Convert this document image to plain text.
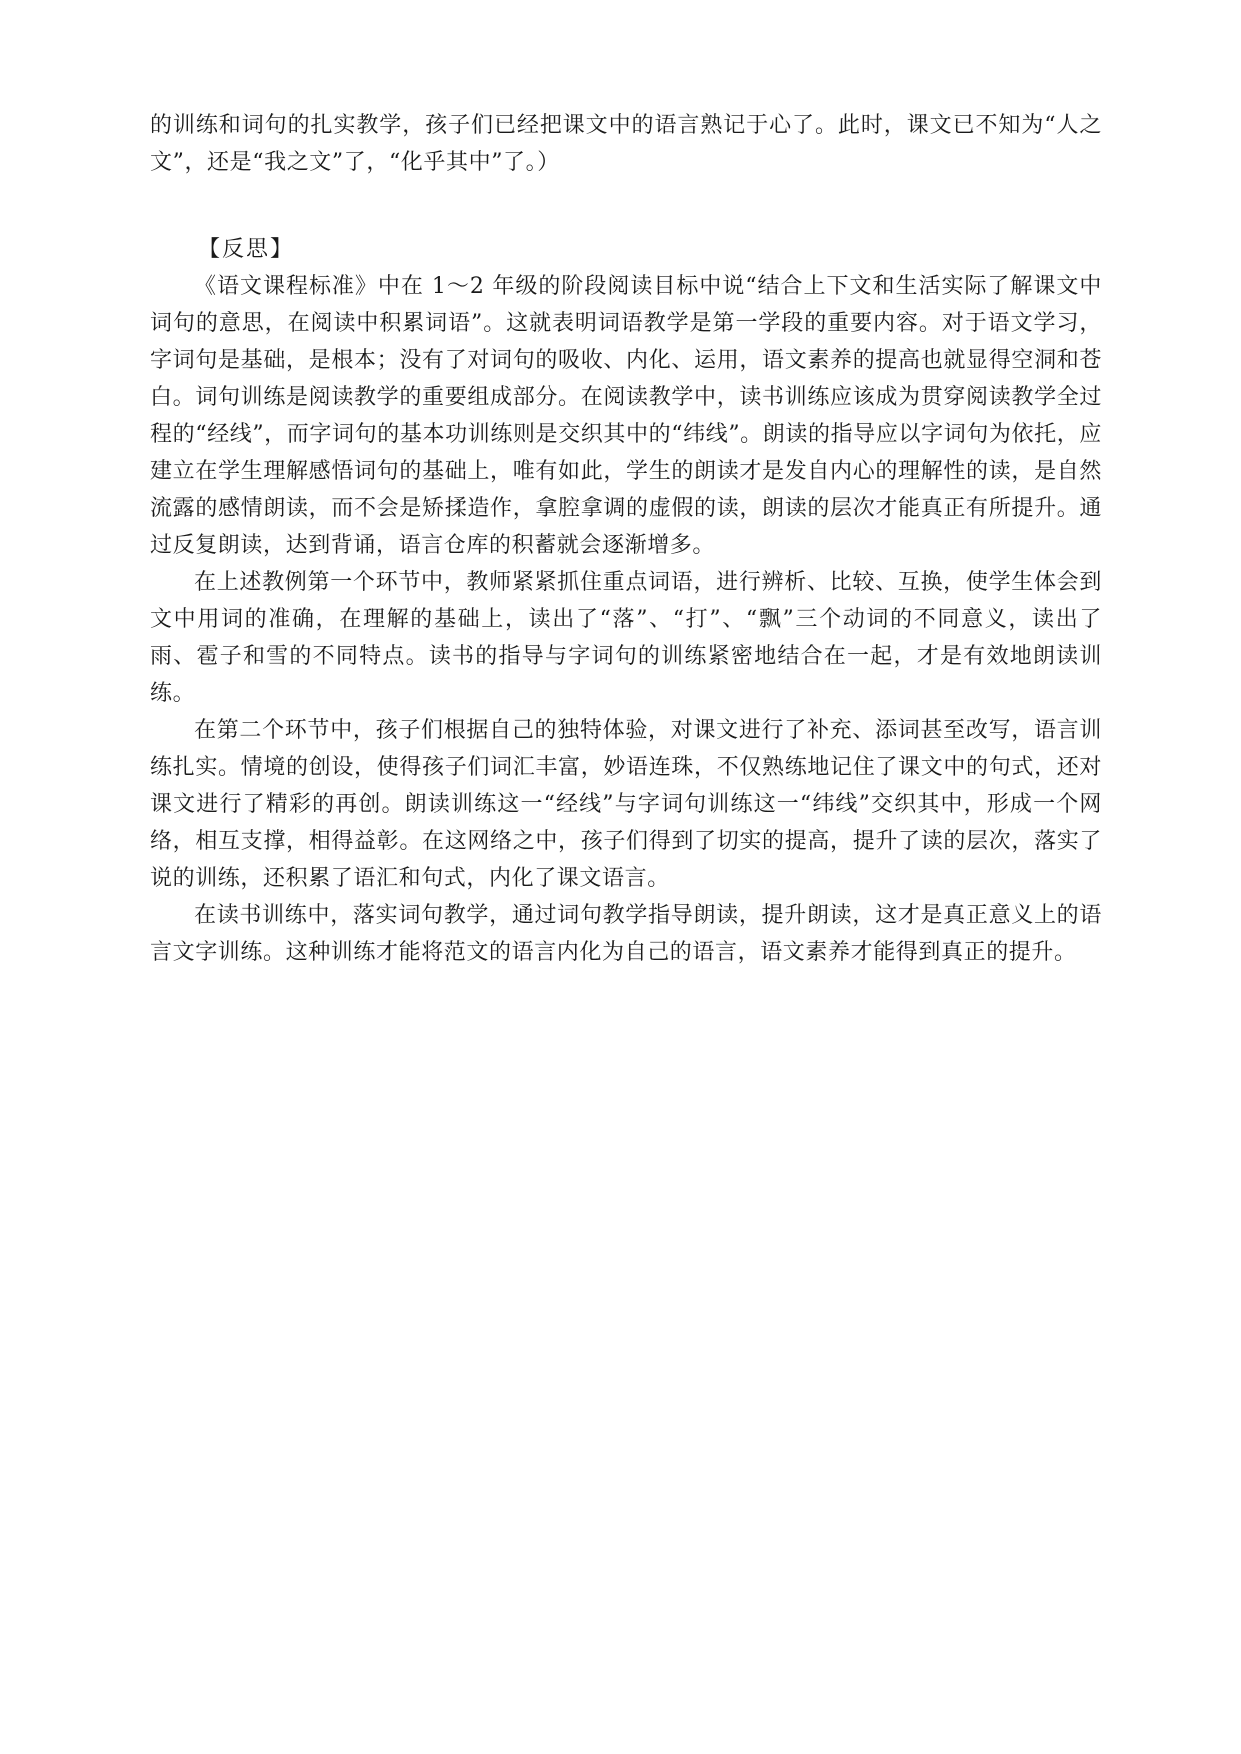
的训练和词句的扎实教学，孩子们已经把课文中的语言熟记于心了。此时，课文已不知为“人之文”，还是“我之文”了，“化乎其中”了。）

【反思】

《语文课程标准》中在 1～2 年级的阶段阅读目标中说“结合上下文和生活实际了解课文中词句的意思，在阅读中积累词语”。这就表明词语教学是第一学段的重要内容。对于语文学习，字词句是基础，是根本；没有了对词句的吸收、内化、运用，语文素养的提高也就显得空洞和苍白。词句训练是阅读教学的重要组成部分。在阅读教学中，读书训练应该成为贯穿阅读教学全过程的“经线”，而字词句的基本功训练则是交织其中的“纬线”。朗读的指导应以字词句为依托，应建立在学生理解感悟词句的基础上，唯有如此，学生的朗读才是发自内心的理解性的读，是自然流露的感情朗读，而不会是矫揉造作，拿腔拿调的虚假的读，朗读的层次才能真正有所提升。通过反复朗读，达到背诵，语言仓库的积蓄就会逐渐增多。

在上述教例第一个环节中，教师紧紧抓住重点词语，进行辨析、比较、互换，使学生体会到文中用词的准确，在理解的基础上，读出了“落”、“打”、“飘”三个动词的不同意义，读出了雨、雹子和雪的不同特点。读书的指导与字词句的训练紧密地结合在一起，才是有效地朗读训练。

在第二个环节中，孩子们根据自己的独特体验，对课文进行了补充、添词甚至改写，语言训练扎实。情境的创设，使得孩子们词汇丰富，妙语连珠，不仅熟练地记住了课文中的句式，还对课文进行了精彩的再创。朗读训练这一“经线”与字词句训练这一“纬线”交织其中，形成一个网络，相互支撑，相得益彰。在这网络之中，孩子们得到了切实的提高，提升了读的层次，落实了说的训练，还积累了语汇和句式，内化了课文语言。

在读书训练中，落实词句教学，通过词句教学指导朗读，提升朗读，这才是真正意义上的语言文字训练。这种训练才能将范文的语言内化为自己的语言，语文素养才能得到真正的提升。
